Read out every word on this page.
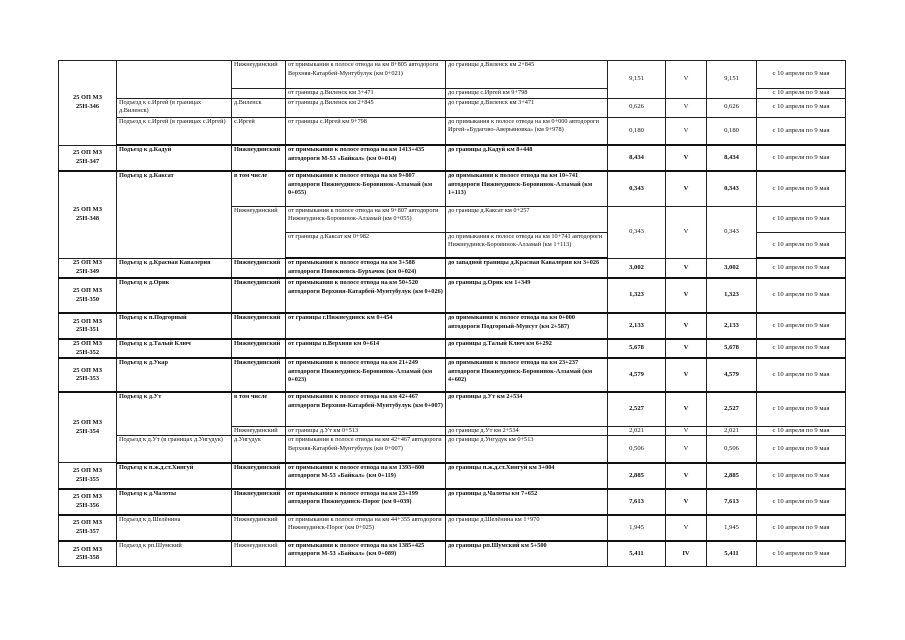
25 ОП МЗ 25Н-346		Нижнеудинский	от примыкания к полосе отвода на км 8+805 автодороги Верхняя-Катарбей-Мунтубулук (км 0+021)	до границы д.Виленск км 2+845	9,151	V	9,151	с 10 апреля по 9 мая
			от границы д.Виленск км 3+471	до границы с.Иргей км 9+798				с 10 апреля по 9 мая
	Подъезд к с.Иргей (в границах д.Виленск)	д.Виленск	от границы д.Виленск км 2+845	до границы д.Виленск км 3+471	0,626	V	0,626	с 10 апреля по 9 мая
	Подъезд к с.Иргей (в границах с.Иргей)	с.Иргей	от границы с.Иргей км 9+798	до примыкания к полосе отвода на км 0+000 автодороги Иргей-«Будагово-Аверьяновка» (км 9+978)	0,180	V	0,180	с 10 апреля по 9 мая
25 ОП МЗ 25Н-347	Подъезд к д.Кадуй	Нижнеудинский	от примыкания к полосе отвода на км 1413+435 автодороги М-53 «Байкал» (км 0+014)	до границы д.Кадуй км 8+448	8,434	V	8,434	с 10 апреля по 9 мая
25 ОП МЗ 25Н-348	Подъезд к д.Каксат	в том числе	от примыкания к полосе отвода на км 9+807 автодороги Нижнеудинск-Боровинок-Алзамай (км 0+055)	до примыкания к полосе отвода на км 10+741 автодороги Нижнеудинск-Боровинок-Алзамай (км 1+113)	0,343	V	0,343	с 10 апреля по 9 мая
		Нижнеудинский	от примыкания к полосе отвода на км 9+807 автодороги Нижнеудинск-Боровинок-Алзамай (км 0+055)	до границы д.Каксат км 0+257	0,343	V	0,343	с 10 апреля по 9 мая
			от границы д.Каксат км 0+982	до примыкания к полосе отвода на км 10+741 автодороги Нижнеудинск-Боровинок-Алзамай (км 1+113)				с 10 апреля по 9 мая
25 ОП МЗ 25Н-349	Подъезд к д.Красная Кавалерия	Нижнеудинский	от примыкания к полосе отвода на км 3+588 автодороги Новокиевск-Бурхачок (км 0+024)	до западной границы д.Красная Кавалерия км 3+026	3,002	V	3,002	с 10 апреля по 9 мая
25 ОП МЗ 25Н-350	Подъезд к д.Орик	Нижнеудинский	от примыкания к полосе отвода на км 50+520 автодороги Верхняя-Катарбей-Мунтубулук (км 0+026)	до границы д.Орик км 1+349	1,323	V	1,323	с 10 апреля по 9 мая
25 ОП МЗ 25Н-351	Подъезд к п.Подгорный	Нижнеудинский	от границы г.Нижнеудинск км 0+454	до примыкания к полосе отвода на км 0+000 автодороги Подгорный-Мунсут (км 2+587)	2,133	V	2,133	с 10 апреля по 9 мая
25 ОП МЗ 25Н-352	Подъезд к д.Талый Ключ	Нижнеудинский	от границы п.Верхняя км 0+614	до границы д.Талый Ключ км 6+292	5,678	V	5,678	с 10 апреля по 9 мая
25 ОП МЗ 25Н-353	Подъезд к д.Укар	Нижнеудинский	от примыкания к полосе отвода на км 21+249 автодороги Нижнеудинск-Боровинок-Алзамай (км 0+023)	до примыкания к полосе отвода на км 23+237 автодороги Нижнеудинск-Боровинок-Алзамай (км 4+602)	4,579	V	4,579	с 10 апреля по 9 мая
25 ОП МЗ 25Н-354	Подъезд к д.Ут	в том числе	от примыкания к полосе отвода на км 42+467 автодороги Верхняя-Катарбей-Мунтубулук (км 0+007)	до границы д.Ут км 2+534	2,527	V	2,527	с 10 апреля по 9 мая
		Нижнеудинский	от границы д.Ут км 0+513	до границы д.Ут км 2+534	2,021	V	2,021	с 10 апреля по 9 мая
	Подъезд к д.Ут (в границах д.Унгудук)	д.Унгудук	от примыкания к полосе отвода на км 42+467 автодороги Верхняя-Катарбей-Мунтубулук (км 0+007)	до границы д.Унгудук км 0+513	0,506	V	0,506	с 10 апреля по 9 мая
25 ОП МЗ 25Н-355	Подъезд к п.ж.д.ст.Хингуй	Нижнеудинский	от примыкания к полосе отвода на км 1393+800 автодороги М-53 «Байкал» (км 0+119)	до границы п.ж.д.ст.Хингуй км 3+004	2,885	V	2,885	с 10 апреля по 9 мая
25 ОП МЗ 25Н-356	Подъезд к д.Чалоты	Нижнеудинский	от примыкания к полосе отвода на км 23+199 автодороги Нижнеудинск-Порог (км 0+039)	до границы д.Чалоты км 7+652	7,613	V	7,613	с 10 апреля по 9 мая
25 ОП МЗ 25Н-357	Подъезд к д.Шелёнина	Нижнеудинский	от примыкания к полосе отвода на км 44+355 автодороги Нижнеудинск-Порог (км 0+025)	до границы д.Шелёнина км 1+970	1,945	V	1,945	с 10 апреля по 9 мая
25 ОП МЗ 25Н-358	Подъезд к рп.Шумский	Нижнеудинский	от примыкания к полосе отвода на км 1385+425 автодороги М-53 «Байкал» (км 0+089)	до границы рп.Шумский км 5+500	5,411	IV	5,411	с 10 апреля по 9 мая
